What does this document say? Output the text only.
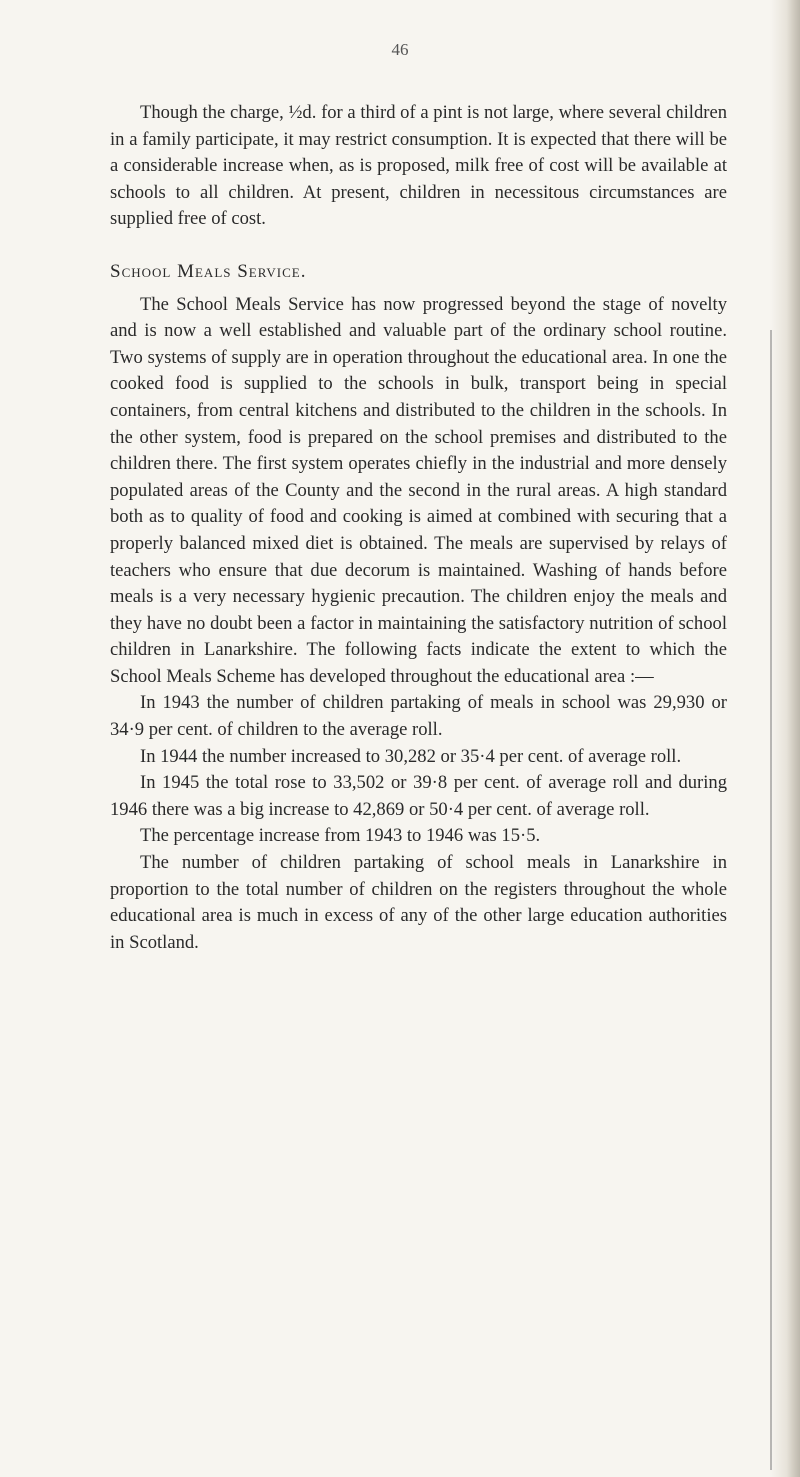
46

Though the charge, ½d. for a third of a pint is not large, where several children in a family participate, it may restrict consumption. It is expected that there will be a considerable increase when, as is proposed, milk free of cost will be available at schools to all children. At present, children in necessitous circumstances are supplied free of cost.

School Meals Service.

The School Meals Service has now progressed beyond the stage of novelty and is now a well established and valuable part of the ordinary school routine. Two systems of supply are in operation throughout the educational area. In one the cooked food is supplied to the schools in bulk, transport being in special containers, from central kitchens and distributed to the children in the schools. In the other system, food is prepared on the school premises and distributed to the children there. The first system operates chiefly in the industrial and more densely populated areas of the County and the second in the rural areas. A high standard both as to quality of food and cooking is aimed at combined with securing that a properly balanced mixed diet is obtained. The meals are supervised by relays of teachers who ensure that due decorum is maintained. Washing of hands before meals is a very necessary hygienic precaution. The children enjoy the meals and they have no doubt been a factor in maintaining the satisfactory nutrition of school children in Lanarkshire. The following facts indicate the extent to which the School Meals Scheme has developed throughout the educational area :—

In 1943 the number of children partaking of meals in school was 29,930 or 34·9 per cent. of children to the average roll.

In 1944 the number increased to 30,282 or 35·4 per cent. of average roll.

In 1945 the total rose to 33,502 or 39·8 per cent. of average roll and during 1946 there was a big increase to 42,869 or 50·4 per cent. of average roll.

The percentage increase from 1943 to 1946 was 15·5.

The number of children partaking of school meals in Lanarkshire in proportion to the total number of children on the registers throughout the whole educational area is much in excess of any of the other large education authorities in Scotland.
